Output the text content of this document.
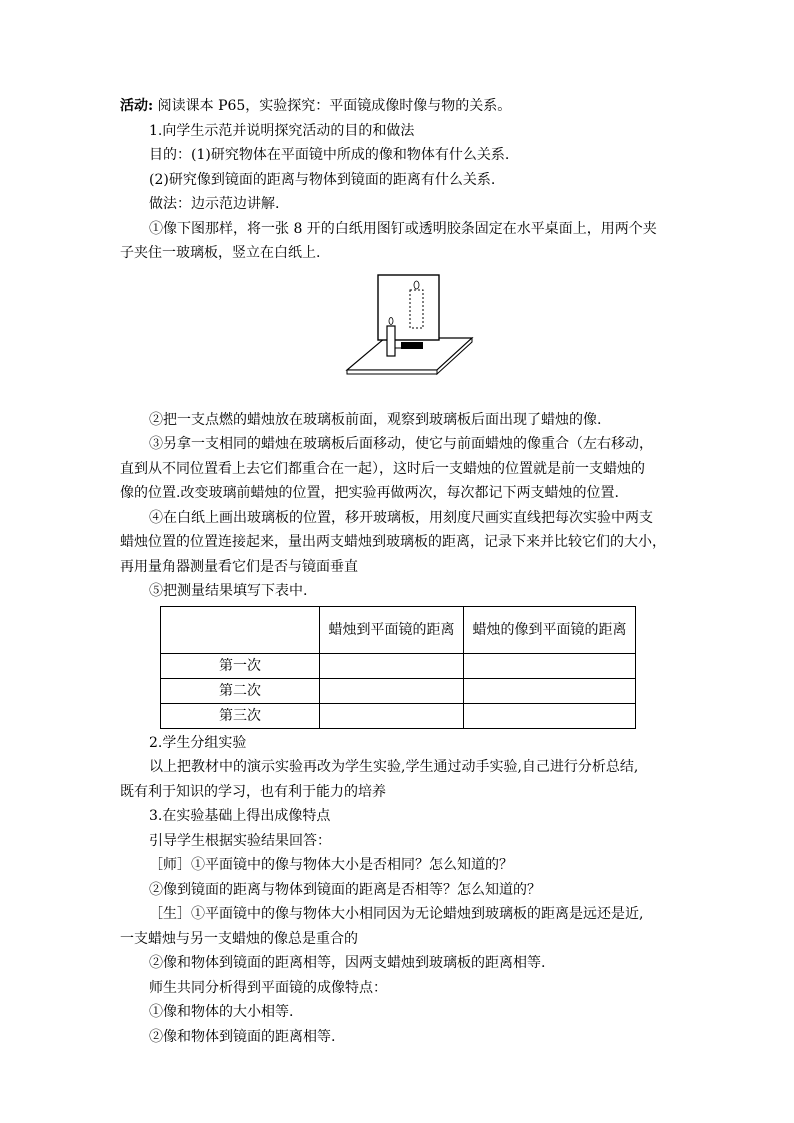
活动: 阅读课本 P65，实验探究：平面镜成像时像与物的关系。
1.向学生示范并说明探究活动的目的和做法
目的：(1)研究物体在平面镜中所成的像和物体有什么关系.
(2)研究像到镜面的距离与物体到镜面的距离有什么关系.
做法：边示范边讲解.
①像下图那样，将一张 8 开的白纸用图钉或透明胶条固定在水平桌面上，用两个夹
子夹住一玻璃板，竖立在白纸上.
②把一支点燃的蜡烛放在玻璃板前面，观察到玻璃板后面出现了蜡烛的像.
③另拿一支相同的蜡烛在玻璃板后面移动，使它与前面蜡烛的像重合（左右移动，
直到从不同位置看上去它们都重合在一起），这时后一支蜡烛的位置就是前一支蜡烛的
像的位置.改变玻璃前蜡烛的位置，把实验再做两次，每次都记下两支蜡烛的位置.
④在白纸上画出玻璃板的位置，移开玻璃板，用刻度尺画实直线把每次实验中两支
蜡烛位置的位置连接起来，量出两支蜡烛到玻璃板的距离，记录下来并比较它们的大小，
再用量角器测量看它们是否与镜面垂直
⑤把测量结果填写下表中.
	蜡烛到平面镜的距离	蜡烛的像到平面镜的距离
第一次		
第二次		
第三次		
2.学生分组实验
以上把教材中的演示实验再改为学生实验,学生通过动手实验,自己进行分析总结,
既有利于知识的学习，也有利于能力的培养
3.在实验基础上得出成像特点
引导学生根据实验结果回答：
［师］①平面镜中的像与物体大小是否相同？怎么知道的？
②像到镜面的距离与物体到镜面的距离是否相等？怎么知道的？
［生］①平面镜中的像与物体大小相同因为无论蜡烛到玻璃板的距离是远还是近,
一支蜡烛与另一支蜡烛的像总是重合的
②像和物体到镜面的距离相等，因两支蜡烛到玻璃板的距离相等.
师生共同分析得到平面镜的成像特点：
①像和物体的大小相等.
②像和物体到镜面的距离相等.
